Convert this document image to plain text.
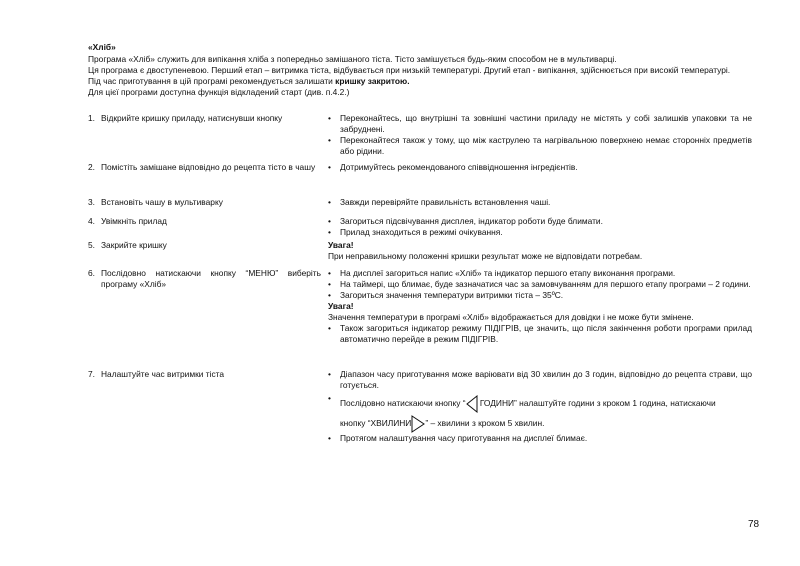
«Хліб»

Програма «Хліб» служить для випікання хліба з попередньо замішаного тіста. Тісто замішується будь-яким способом не в мультиварці.

Ця програма є двоступеневою. Перший етап – витримка тіста, відбувається при низькій температурі. Другий етап - випікання, здійснюється при високій температурі.

Під час приготування в цій програмі рекомендується залишати кришку закритою.

Для цієї програми доступна функція відкладений старт (див. п.4.2.)

1. Відкрийте кришку приладу, натиснувши кнопку
2. Помістіть замішане відповідно до рецепта тісто в чашу
3. Встановіть чашу в мультиварку
4. Увімкніть прилад
5. Закрийте кришку
6. Послідовно натискаючи кнопку “МЕНЮ” виберіть програму «Хліб»
7. Налаштуйте час витримки тіста

• Переконайтесь, що внутрішні та зовнішні частини приладу не містять у собі залишків упаковки та не забруднені.

• Переконайтеся також у тому, що між каструлею та нагрівальною поверхнею немає сторонніх предметів або рідини.

• Дотримуйтесь рекомендованого співвідношення інгредієнтів.

• Завжди перевіряйте правильність встановлення чаші.

• Загориться підсвічування дисплея, індикатор роботи буде блимати.

• Прилад знаходиться в режимі очікування.

Увага!

При неправильному положенні кришки результат може не відповідати потребам.

• На дисплеї загориться напис «Хліб» та індикатор першого етапу виконання програми.

• На таймері, що блимає, буде зазначатися час за замовчуванням для першого етапу програми – 2 години.

• Загориться значення температури витримки тіста – 35ºС.

Увага!

Значення температури в програмі «Хліб» відображається для довідки і не може бути змінене.

• Також загориться індикатор режиму ПІДІГРІВ, це значить, що після закінчення роботи програми прилад автоматично перейде в режим ПІДІГРІВ.

• Діапазон часу приготування може варіювати від 30 хвилин до 3 годин, відповідно до рецепта страви, що готується.

• Послідовно натискаючи кнопку “ ГОДИНИ” налаштуйте години з кроком 1 година, натискаючи
кнопку “ХВИЛИНИ ” – хвилини з кроком 5 хвилин.

• Протягом налаштування часу приготування на дисплеї блимає.

78
